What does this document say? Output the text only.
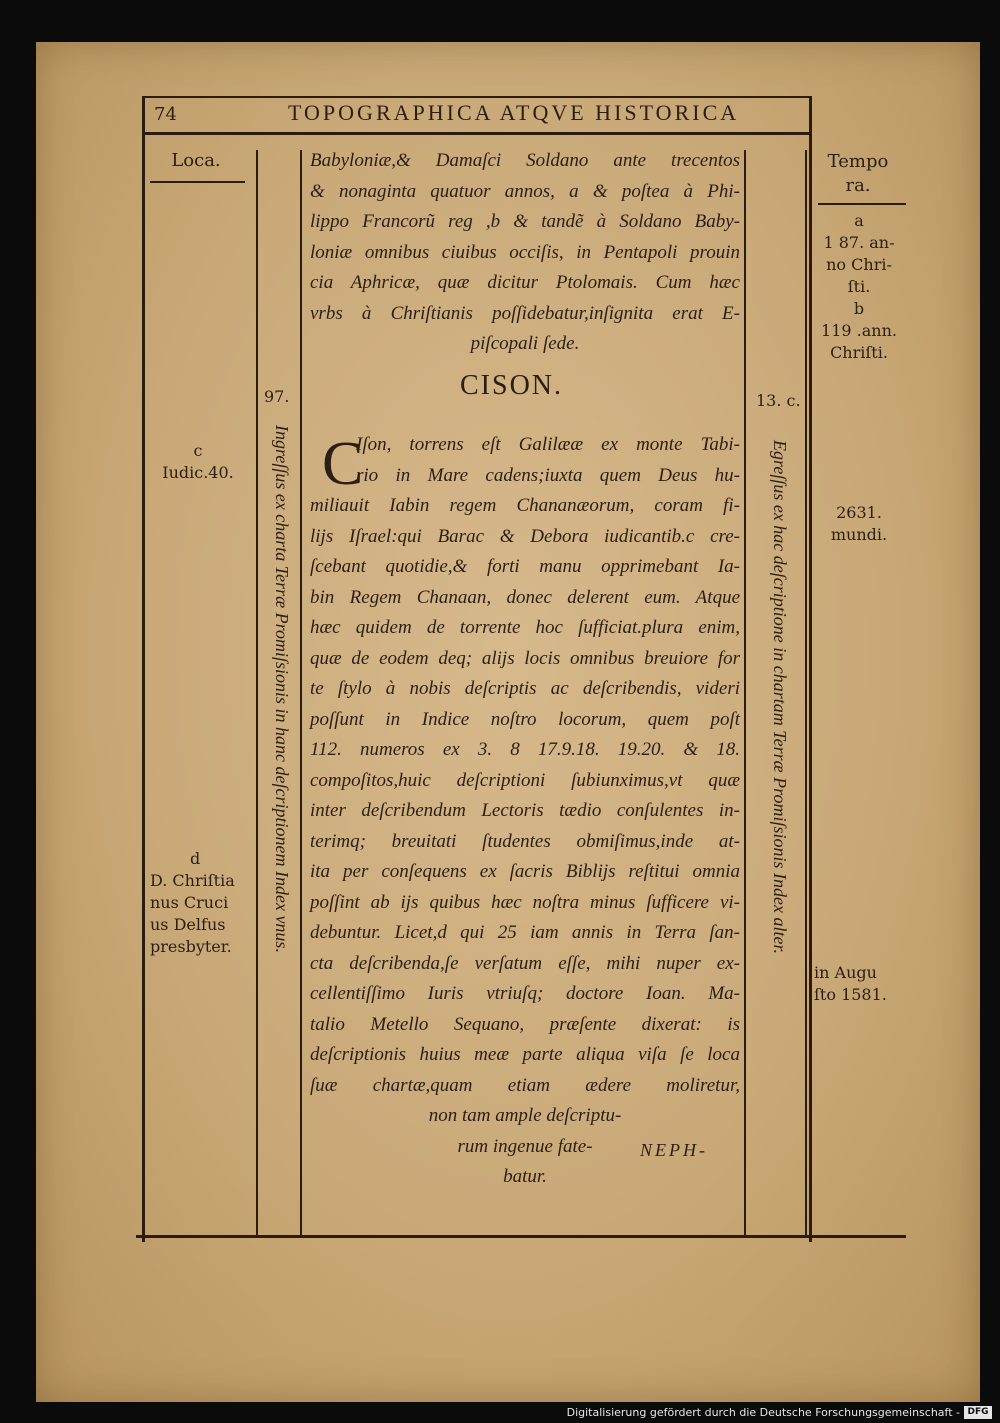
74	TOPOGRAPHICA ATQVE HISTORICA
Loca.	Tempo ra.
Babyloniæ,& Damaſci Soldano ante trecentos
& nonaginta quatuor annos, a & poſtea à Phi-
lippo Francorũ reg ,b & tandẽ à Soldano Baby-
loniæ omnibus ciuibus occiſis, in Pentapoli prouin
cia Aphricæ, quæ dicitur Ptolomais. Cum hæc
vrbs à Chriſtianis poſſidebatur,inſignita erat E-
piſcopali ſede.
a
1 87. an-
no Chri-
ſti.
b
119 .ann.
Chriſti.
CISON.
97.	13. c.
Ingreſſus ex charta Terræ Promiſsionis in hanc deſcriptionem Index vnus.	Egreſſus ex hac deſcriptione in chartam Terræ Promiſsionis Index alter.
C
Iſon, torrens eſt Galilææ ex monte Tabi-
rio in Mare cadens;iuxta quem Deus hu-
miliauit Iabin regem Chananæorum, coram fi-
lijs Iſrael:qui Barac & Debora iudicantib.c cre-
ſcebant quotidie,& forti manu opprimebant Ia-
bin Regem Chanaan, donec delerent eum. Atque
hæc quidem de torrente hoc ſufficiat.plura enim,
quæ de eodem deq; alijs locis omnibus breuiore for
te ſtylo à nobis deſcriptis ac deſcribendis, videri
poſſunt in Indice noſtro locorum, quem poſt
112. numeros ex 3. 8 17.9.18. 19.20. & 18.
compoſitos,huic deſcriptioni ſubiunximus,vt quæ
inter deſcribendum Lectoris tædio conſulentes in-
terimq; breuitati ſtudentes obmiſimus,inde at-
ita per conſequens ex ſacris Biblijs reſtitui omnia
poſſint ab ijs quibus hæc noſtra minus ſufficere vi-
debuntur. Licet,d qui 25 iam annis in Terra ſan-
cta deſcribenda,ſe verſatum eſſe, mihi nuper ex-
cellentiſſimo Iuris vtriuſq; doctore Ioan. Ma-
talio Metello Sequano, præſente dixerat: is
deſcriptionis huius meæ parte aliqua viſa ſe loca
ſuæ chartæ,quam etiam ædere moliretur,
non tam ample deſcriptu-
rum ingenue fate-
batur.
NEPH-
c
Iudic.40.
d
D. Chriſtia
nus Cruci
us Delfus
presbyter.
2631.
mundi.
in Augu
ſto 1581.
Digitalisierung gefördert durch die Deutsche Forschungsgemeinschaft - DFG
